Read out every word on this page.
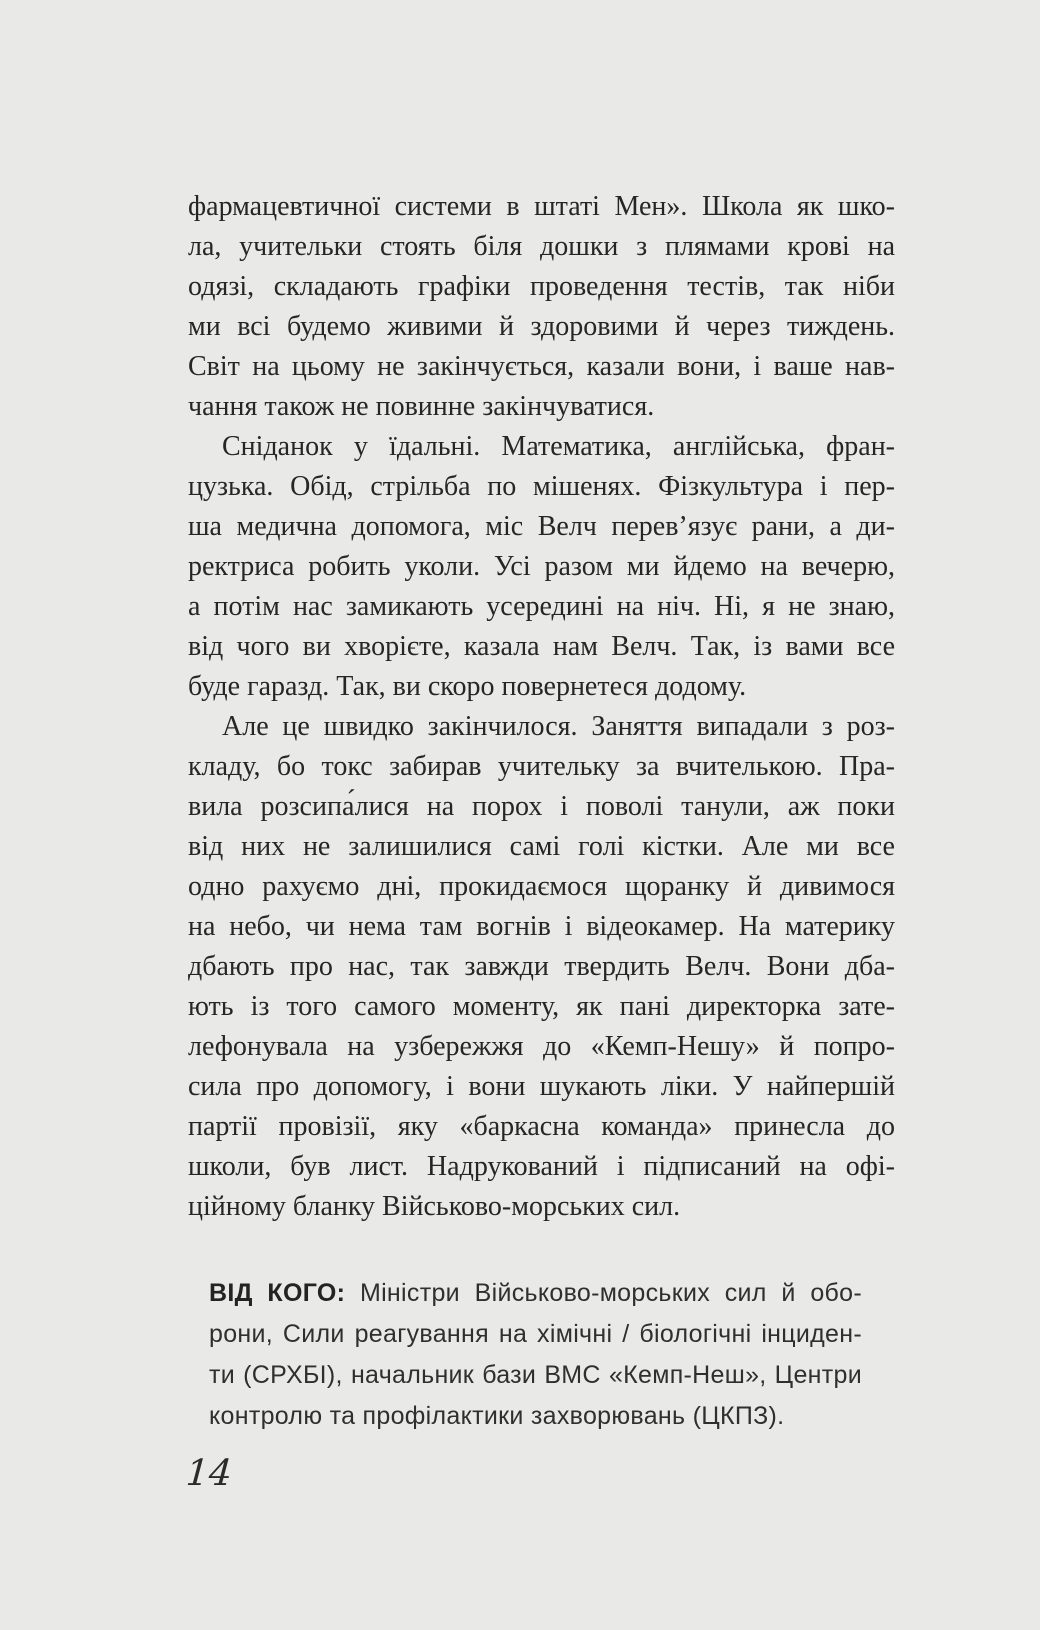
фармацевтичної системи в штаті Мен». Школа як шко-
ла, учительки стоять біля дошки з плямами крові на
одязі, складають графіки проведення тестів, так ніби
ми всі будемо живими й здоровими й через тиждень.
Світ на цьому не закінчується, казали вони, і ваше нав-
чання також не повинне закінчуватися.
Сніданок у їдальні. Математика, англійська, фран-
цузька. Обід, стрільба по мішенях. Фізкультура і пер-
ша медична допомога, міс Велч перев’язує рани, а ди-
ректриса робить уколи. Усі разом ми йдемо на вечерю,
а потім нас замикають усередині на ніч. Ні, я не знаю,
від чого ви хворієте, казала нам Велч. Так, із вами все
буде гаразд. Так, ви скоро повернетеся додому.
Але це швидко закінчилося. Заняття випадали з роз-
кладу, бо токс забирав учительку за вчителькою. Пра-
вила розсипа́лися на порох і поволі танули, аж поки
від них не залишилися самі голі кістки. Але ми все
одно рахуємо дні, прокидаємося щоранку й дивимося
на небо, чи нема там вогнів і відеокамер. На материку
дбають про нас, так завжди твердить Велч. Вони дба-
ють із того самого моменту, як пані директорка зате-
лефонувала на узбережжя до «Кемп-Нешу» й попро-
сила про допомогу, і вони шукають ліки. У найпершій
партії провізії, яку «баркасна команда» принесла до
школи, був лист. Надрукований і підписаний на офі-
ційному бланку Військово-морських сил.
ВІД КОГО: Міністри Військово-морських сил й обо-
рони, Сили реагування на хімічні / біологічні інциден-
ти (СРХБІ), начальник бази ВМС «Кемп-Неш», Центри
контролю та профілактики захворювань (ЦКПЗ).
14
